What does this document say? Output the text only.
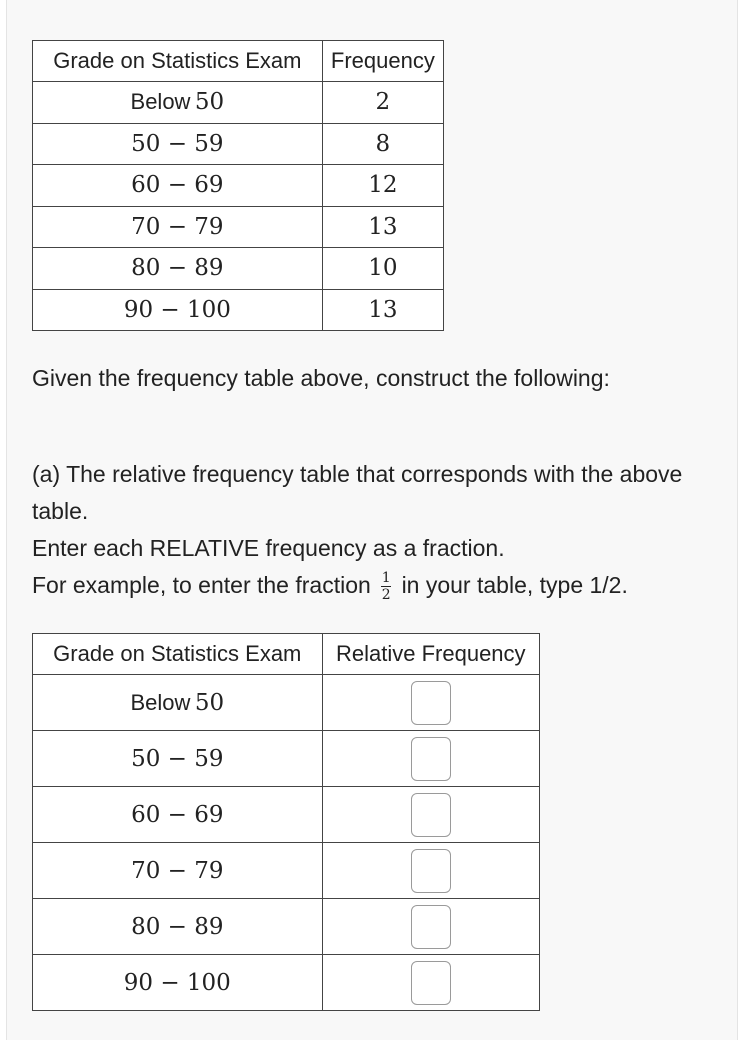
Grade on Statistics Exam	Frequency
Below 50	2
50 − 59	8
60 − 69	12
70 − 79	13
80 − 89	10
90 − 100	13

Given the frequency table above, construct the following:

(a) The relative frequency table that corresponds with the above table.

Enter each RELATIVE frequency as a fraction.

For example, to enter the fraction $\frac{1}{2}$ in your table, type 1/2.

Grade on Statistics Exam	Relative Frequency
Below 50	
50 − 59	
60 − 69	
70 − 79	
80 − 89	
90 − 100	
